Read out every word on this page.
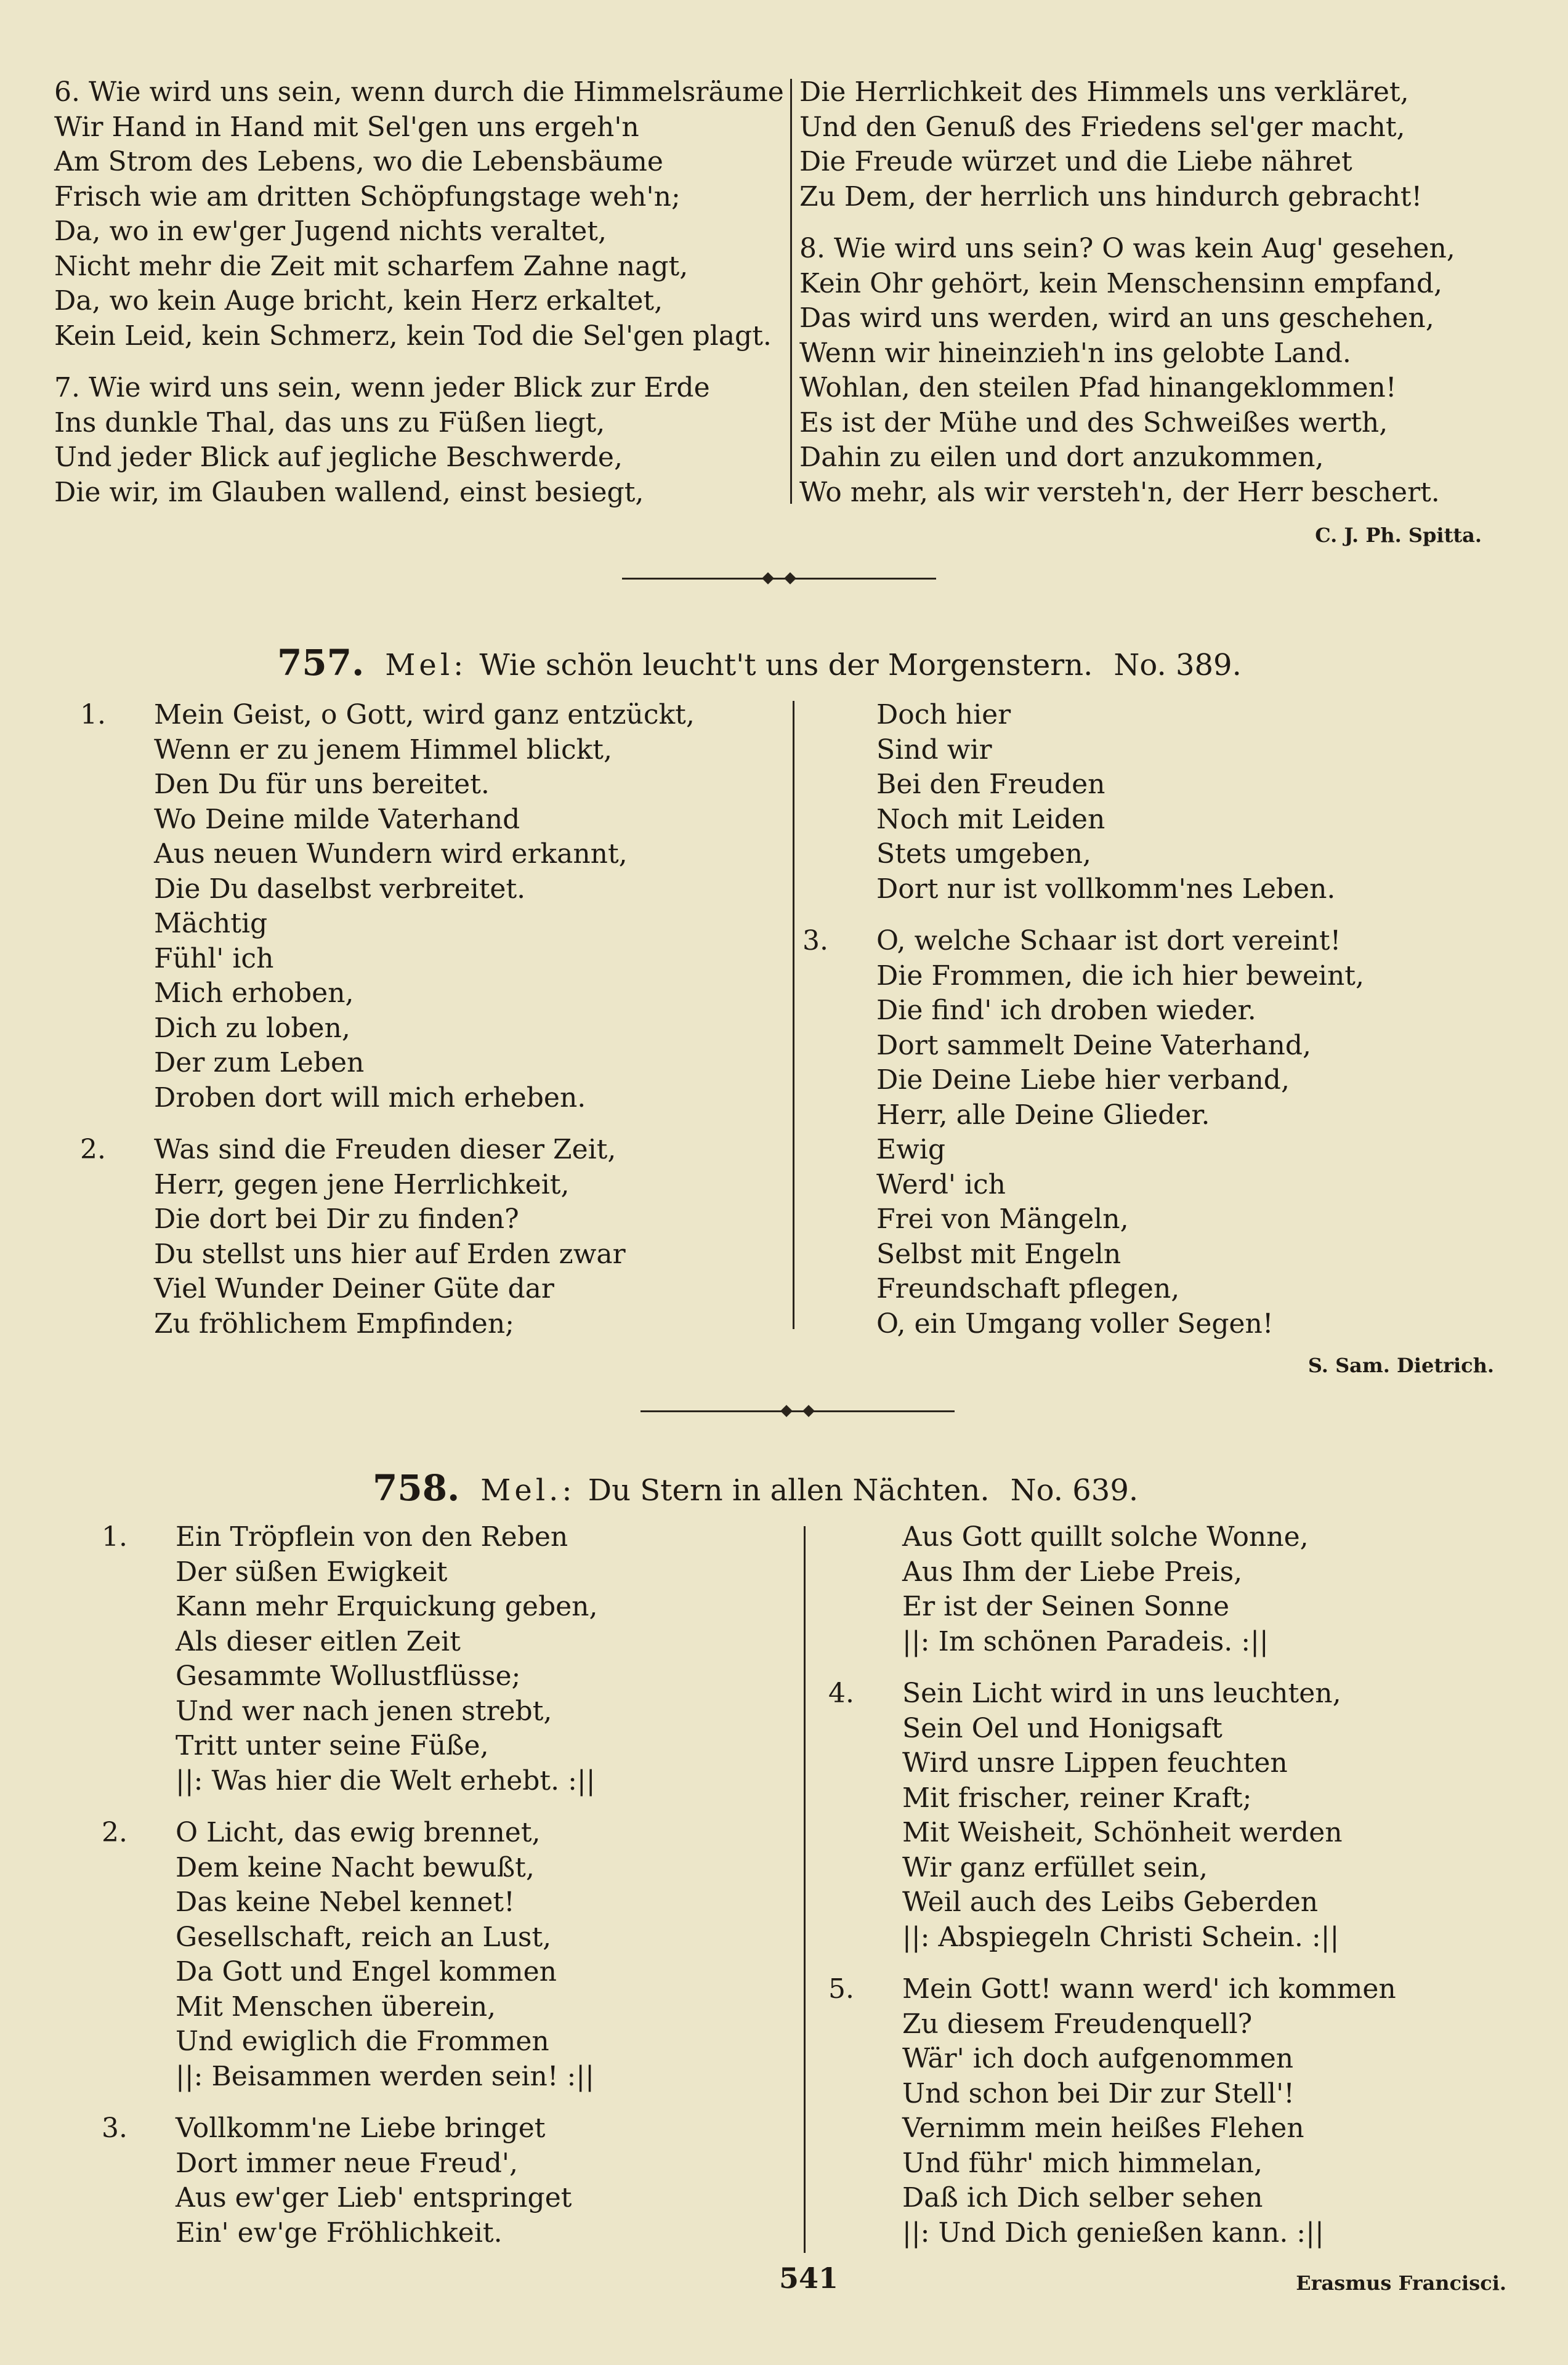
6. Wie wird uns sein, wenn durch die Himmelsräume
Wir Hand in Hand mit Sel'gen uns ergeh'n
Am Strom des Lebens, wo die Lebensbäume
Frisch wie am dritten Schöpfungstage weh'n;
Da, wo in ew'ger Jugend nichts veraltet,
Nicht mehr die Zeit mit scharfem Zahne nagt,
Da, wo kein Auge bricht, kein Herz erkaltet,
Kein Leid, kein Schmerz, kein Tod die Sel'gen plagt.
7. Wie wird uns sein, wenn jeder Blick zur Erde
Ins dunkle Thal, das uns zu Füßen liegt,
Und jeder Blick auf jegliche Beschwerde,
Die wir, im Glauben wallend, einst besiegt,
Die Herrlichkeit des Himmels uns verkläret,
Und den Genuß des Friedens sel'ger macht,
Die Freude würzet und die Liebe nähret
Zu Dem, der herrlich uns hindurch gebracht!
8. Wie wird uns sein? O was kein Aug' gesehen,
Kein Ohr gehört, kein Menschensinn empfand,
Das wird uns werden, wird an uns geschehen,
Wenn wir hineinzieh'n ins gelobte Land.
Wohlan, den steilen Pfad hinangeklommen!
Es ist der Mühe und des Schweißes werth,
Dahin zu eilen und dort anzukommen,
Wo mehr, als wir versteh'n, der Herr beschert.
C. J. Ph. Spitta.
757. Mel: Wie schön leucht't uns der Morgenstern. No. 389.
1. Mein Geist, o Gott, wird ganz entzückt,
Wenn er zu jenem Himmel blickt,
Den Du für uns bereitet.
Wo Deine milde Vaterhand
Aus neuen Wundern wird erkannt,
Die Du daselbst verbreitet.
Mächtig
Fühl' ich
Mich erhoben,
Dich zu loben,
Der zum Leben
Droben dort will mich erheben.
2. Was sind die Freuden dieser Zeit,
Herr, gegen jene Herrlichkeit,
Die dort bei Dir zu finden?
Du stellst uns hier auf Erden zwar
Viel Wunder Deiner Güte dar
Zu fröhlichem Empfinden;
Doch hier
Sind wir
Bei den Freuden
Noch mit Leiden
Stets umgeben,
Dort nur ist vollkomm'nes Leben.
3. O, welche Schaar ist dort vereint!
Die Frommen, die ich hier beweint,
Die find' ich droben wieder.
Dort sammelt Deine Vaterhand,
Die Deine Liebe hier verband,
Herr, alle Deine Glieder.
Ewig
Werd' ich
Frei von Mängeln,
Selbst mit Engeln
Freundschaft pflegen,
O, ein Umgang voller Segen!
S. Sam. Dietrich.
758. Mel.: Du Stern in allen Nächten. No. 639.
1. Ein Tröpflein von den Reben
Der süßen Ewigkeit
Kann mehr Erquickung geben,
Als dieser eitlen Zeit
Gesammte Wollustflüsse;
Und wer nach jenen strebt,
Tritt unter seine Füße,
||: Was hier die Welt erhebt. :||
2. O Licht, das ewig brennet,
Dem keine Nacht bewußt,
Das keine Nebel kennet!
Gesellschaft, reich an Lust,
Da Gott und Engel kommen
Mit Menschen überein,
Und ewiglich die Frommen
||: Beisammen werden sein! :||
3. Vollkomm'ne Liebe bringet
Dort immer neue Freud',
Aus ew'ger Lieb' entspringet
Ein' ew'ge Fröhlichkeit.
Aus Gott quillt solche Wonne,
Aus Ihm der Liebe Preis,
Er ist der Seinen Sonne
||: Im schönen Paradeis. :||
4. Sein Licht wird in uns leuchten,
Sein Oel und Honigsaft
Wird unsre Lippen feuchten
Mit frischer, reiner Kraft;
Mit Weisheit, Schönheit werden
Wir ganz erfüllet sein,
Weil auch des Leibs Geberden
||: Abspiegeln Christi Schein. :||
5. Mein Gott! wann werd' ich kommen
Zu diesem Freudenquell?
Wär' ich doch aufgenommen
Und schon bei Dir zur Stell'!
Vernimm mein heißes Flehen
Und führ' mich himmelan,
Daß ich Dich selber sehen
||: Und Dich genießen kann. :||
541	Erasmus Francisci.
